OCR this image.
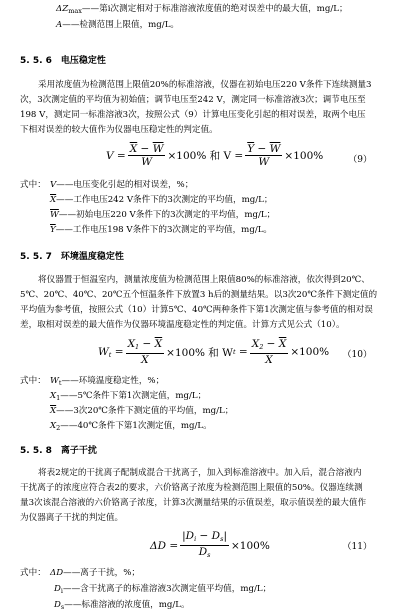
$\Delta Z_{max}——$第i次测定相对于标准溶液浓度值的绝对误差中的最大值，mg/L；
A——检测范围上限值，mg/L。
5. 5. 6　电压稳定性
采用浓度值为检测范围上限值20%的标准溶液，仪器在初始电压220 V条件下连续测量3
次，3次测定值的平均值为初始值；调节电压至242 V，测定同一标准溶液3次；调节电压至
198 V，测定同一标准溶液3次，按照公式（9）计算电压变化引起的相对误差，取两个电压
下相对误差的较大值作为仪器电压稳定性的判定值。
$V = \frac{\overline{X} - \overline{W}}{W} \times 100\%$ 和 $V = \frac{\overline{Y} - \overline{W}}{W} \times 100\%$	（9）
式中： V——电压变化引起的相对误差，%；
$\overline{X}——$工作电压242 V条件下的3次测定的平均值，mg/L；
$\overline{W}——$初始电压220 V条件下的3次测定的平均值，mg/L；
$\overline{Y}——$工作电压198 V条件下的3次测定的平均值，mg/L。
5. 5. 7　环境温度稳定性
将仪器置于恒温室内，测量浓度值为检测范围上限值80%的标准溶液，依次得到20℃、
5℃、20℃、40℃、20℃五个恒温条件下放置3 h后的测量结果。以3次20℃条件下测定值的
平均值为参考值，按照公式（10）计算5℃、40℃两种条件下第1次测定值与参考值的相对误
差，取相对误差的最大值作为仪器环境温度稳定性的判定值。计算方式见公式（10）。
$W_t = \frac{X_1 - \overline{X}}{X} \times 100\%$ 和 W $t = \frac{X_2 - \overline{X}}{X} \times 100\%$ （10）
式中： $W_t——$环境温度稳定性，%；
$X_1——5℃$条件下第1次测定值，mg/L；
$\overline{X}——3$次20℃条件下测定值的平均值，mg/L；
$X_2——40℃$条件下第1次测定值，mg/L。
5. 5. 8　离子干扰
将表2规定的干扰离子配制成混合干扰离子，加入到标准溶液中。加入后，混合溶液内
干扰离子的浓度应符合表2的要求，六价铬离子浓度为检测范围上限值的50%。仪器连续测
量3次该混合溶液的六价铬离子浓度，计算3次测量结果的示值误差，取示值误差的最大值作
为仪器离子干扰的判定值。
$\Delta D = \frac{|D_i - D_s|}{D_s} \times 100\%$	（11）
式中： ΔD——离子干扰，%；
$D_i——$含干扰离子的标准溶液3次测定值平均值，mg/L；
$D_s——$标准溶液的浓度值，mg/L。
